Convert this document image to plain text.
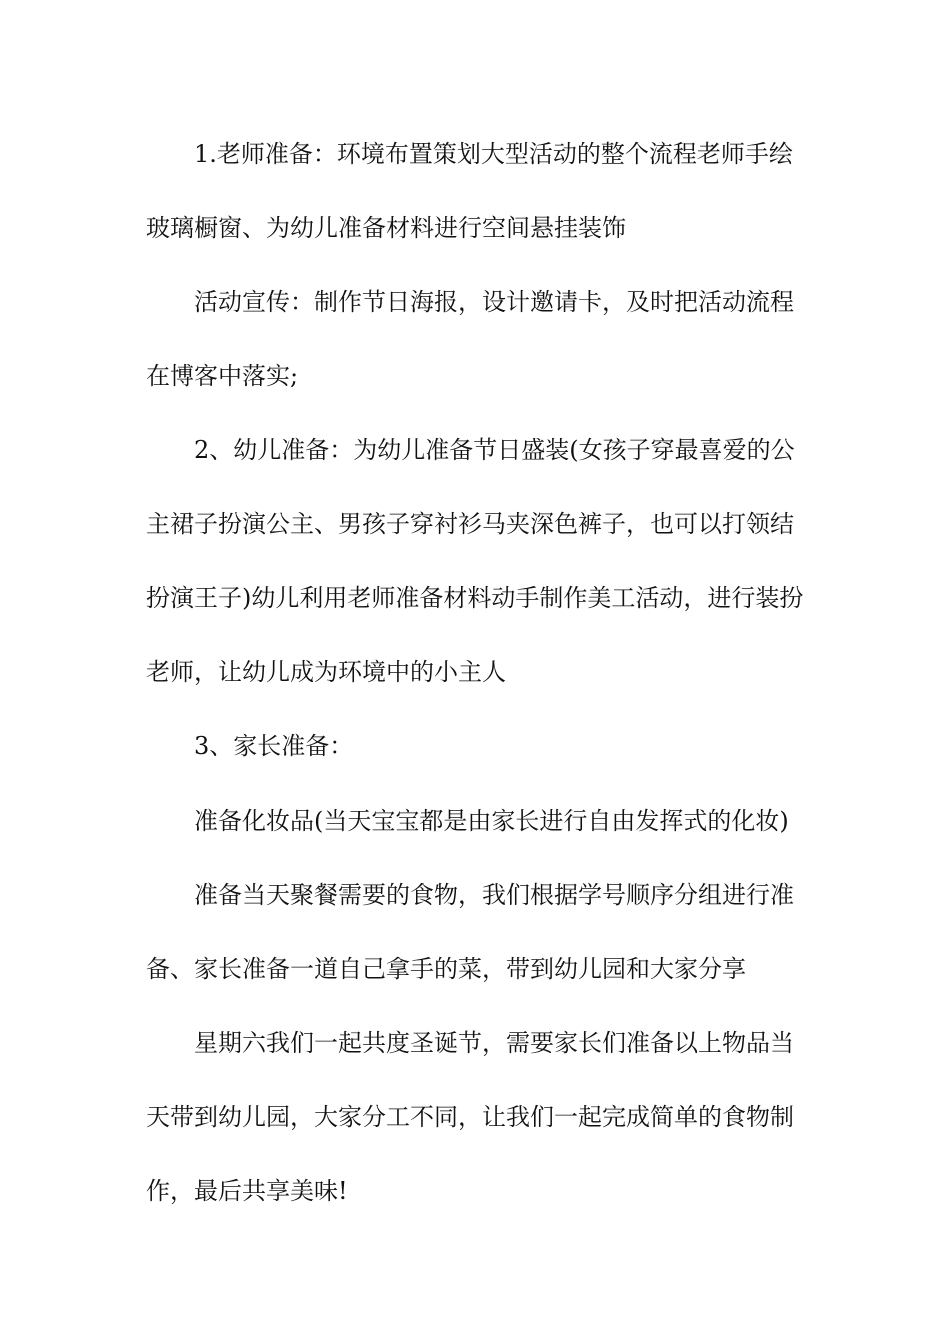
1.老师准备：环境布置策划大型活动的整个流程老师手绘

玻璃橱窗、为幼儿准备材料进行空间悬挂装饰

活动宣传：制作节日海报，设计邀请卡，及时把活动流程

在博客中落实;

2、幼儿准备：为幼儿准备节日盛装(女孩子穿最喜爱的公

主裙子扮演公主、男孩子穿衬衫马夹深色裤子，也可以打领结

扮演王子)幼儿利用老师准备材料动手制作美工活动，进行装扮

老师，让幼儿成为环境中的小主人

3、家长准备：

准备化妆品(当天宝宝都是由家长进行自由发挥式的化妆)

准备当天聚餐需要的食物，我们根据学号顺序分组进行准

备、家长准备一道自己拿手的菜，带到幼儿园和大家分享

星期六我们一起共度圣诞节，需要家长们准备以上物品当

天带到幼儿园，大家分工不同，让我们一起完成简单的食物制

作，最后共享美味!
